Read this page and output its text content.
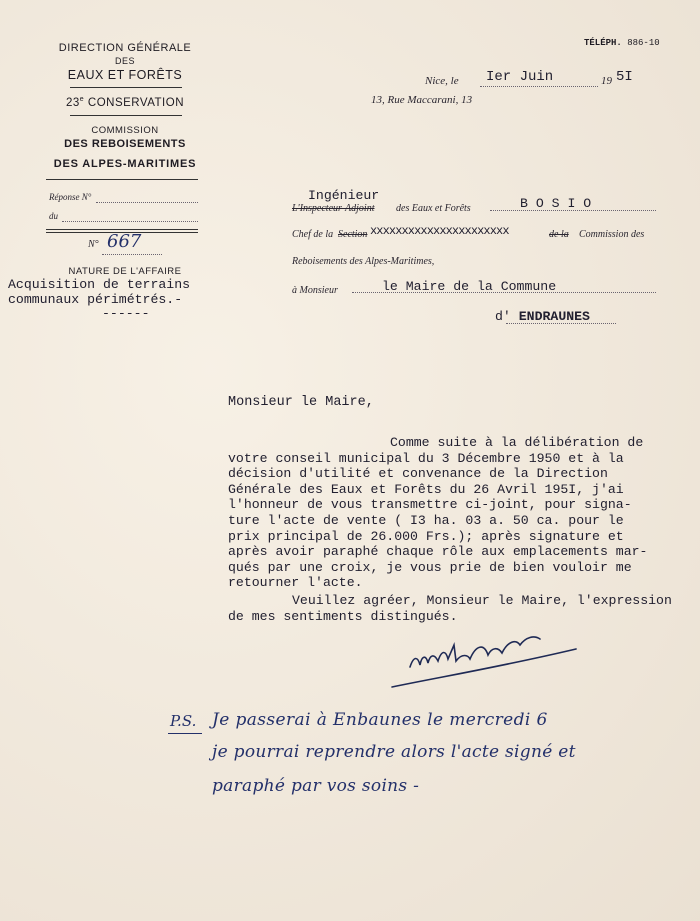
DIRECTION GÉNÉRALE
DES
EAUX ET FORÊTS
23e CONSERVATION
COMMISSION
DES REBOISEMENTS
DES ALPES-MARITIMES
Réponse N°
du
N° 667
NATURE DE L'AFFAIRE
Acquisition de terrains
communaux périmétrés.-
------
TÉLÉPH. 886-10
Nice, le Ier Juin	19 5I
13, Rue Maccarani, 13
Ingénieur
L'Inspecteur-Adjoint des Eaux et Forêts	B O S I O
Chef de la Section xxxxxxxxxxxxxxxxxxxxxx	de la Commission des
Reboisements des Alpes-Maritimes,
à Monsieur	le Maire de la Commune
d' ENDRAUNES
Monsieur le Maire,
Comme suite à la délibération de
votre conseil municipal du 3 Décembre 1950 et à la
décision d'utilité et convenance de la Direction
Générale des Eaux et Forêts du 26 Avril 195I, j'ai
l'honneur de vous transmettre ci-joint, pour signa-
ture l'acte de vente ( I3 ha. 03 a. 50 ca. pour le
prix principal de 26.000 Frs.); après signature et
après avoir paraphé chaque rôle aux emplacements mar-
qués par une croix, je vous prie de bien vouloir me
retourner l'acte.
Veuillez agréer, Monsieur le Maire, l'expression
de mes sentiments distingués.
P.S. Je passerai à Enbaunes le mercredi 6
je pourrai reprendre alors l'acte signé et
paraphé par vos soins -
